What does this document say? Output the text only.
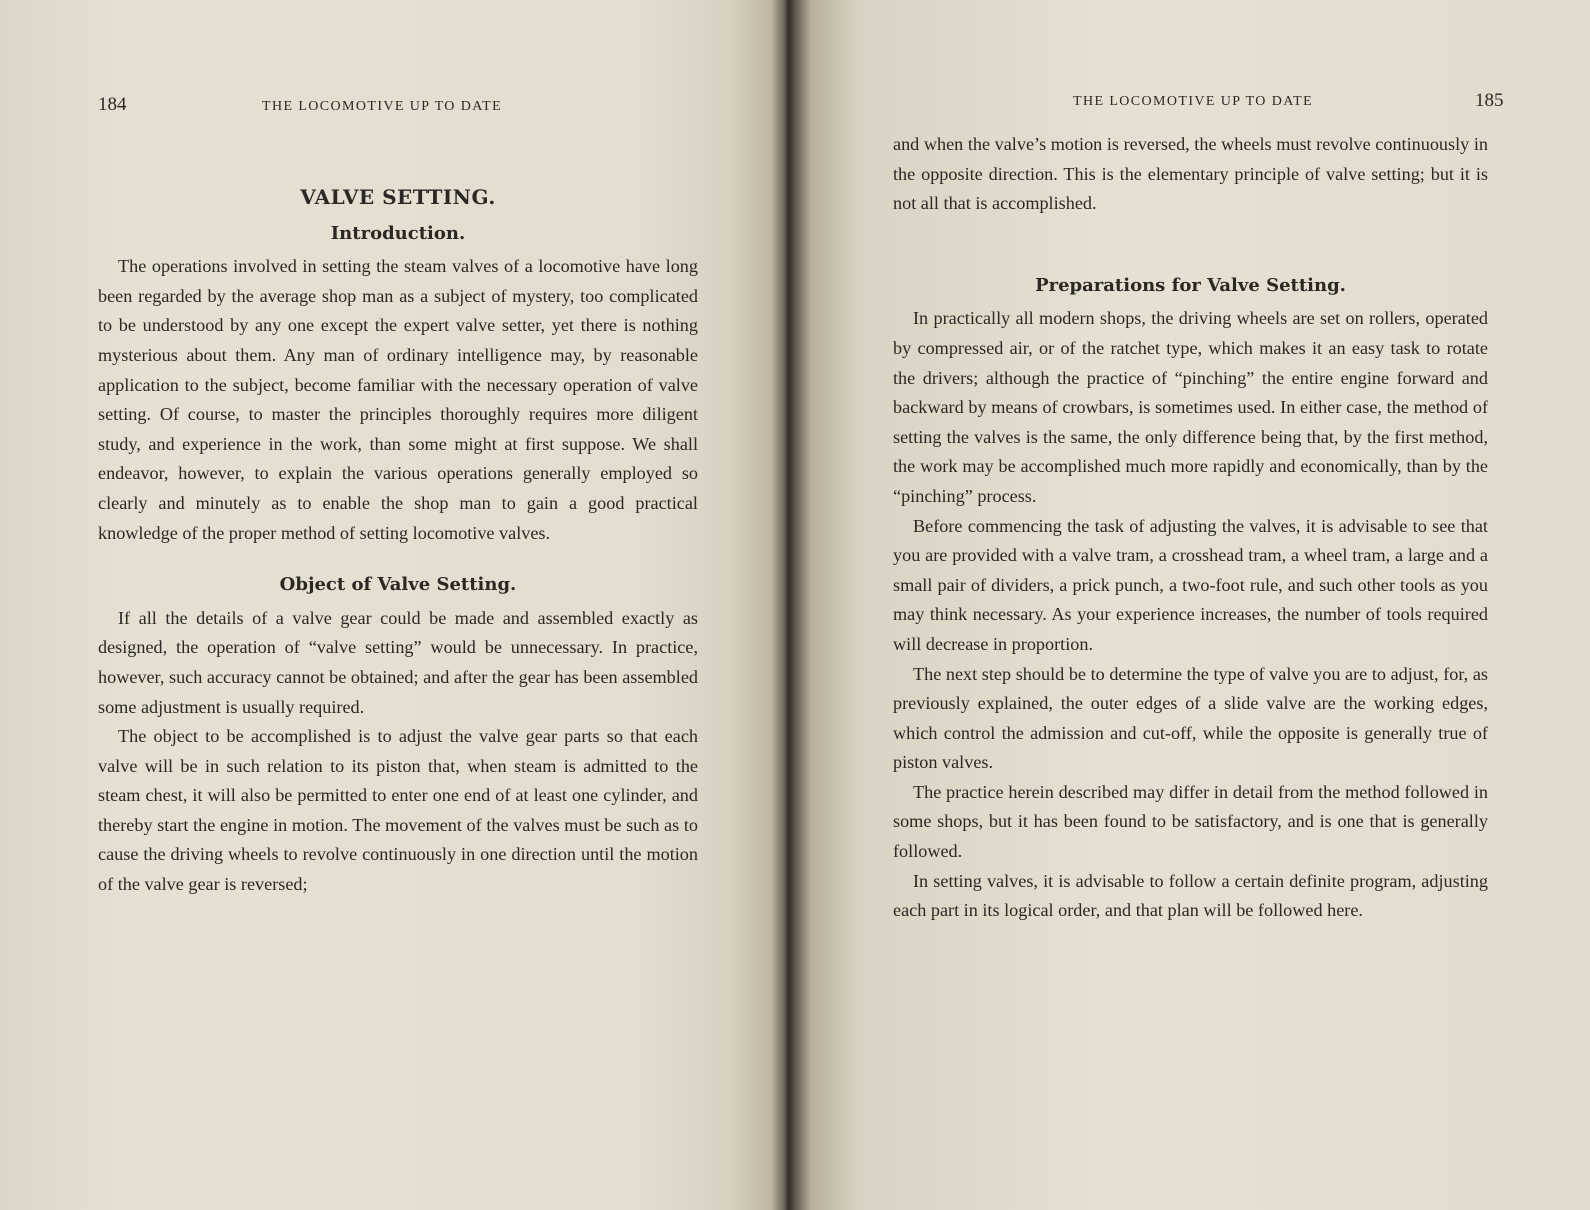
184	THE LOCOMOTIVE UP TO DATE

VALVE SETTING.

Introduction.

The operations involved in setting the steam valves of a locomotive have long been regarded by the average shop man as a subject of mystery, too complicated to be understood by any one except the expert valve setter, yet there is nothing mysterious about them. Any man of ordinary intelligence may, by reasonable application to the subject, become familiar with the necessary operation of valve setting. Of course, to master the principles thoroughly requires more diligent study, and experience in the work, than some might at first suppose. We shall endeavor, however, to explain the various operations generally employed so clearly and minutely as to enable the shop man to gain a good practical knowledge of the proper method of setting locomotive valves.

Object of Valve Setting.

If all the details of a valve gear could be made and assembled exactly as designed, the operation of “valve setting” would be unnecessary. In practice, however, such accuracy cannot be obtained; and after the gear has been assembled some adjustment is usually required.

The object to be accomplished is to adjust the valve gear parts so that each valve will be in such relation to its piston that, when steam is admitted to the steam chest, it will also be permitted to enter one end of at least one cylinder, and thereby start the engine in motion. The movement of the valves must be such as to cause the driving wheels to revolve continuously in one direction until the motion of the valve gear is reversed;

THE LOCOMOTIVE UP TO DATE	185

and when the valve’s motion is reversed, the wheels must revolve continuously in the opposite direction. This is the elementary principle of valve setting; but it is not all that is accomplished.

Preparations for Valve Setting.

In practically all modern shops, the driving wheels are set on rollers, operated by compressed air, or of the ratchet type, which makes it an easy task to rotate the drivers; although the practice of “pinching” the entire engine forward and backward by means of crowbars, is sometimes used. In either case, the method of setting the valves is the same, the only difference being that, by the first method, the work may be accomplished much more rapidly and economically, than by the “pinching” process.

Before commencing the task of adjusting the valves, it is advisable to see that you are provided with a valve tram, a crosshead tram, a wheel tram, a large and a small pair of dividers, a prick punch, a two-foot rule, and such other tools as you may think necessary. As your experience increases, the number of tools required will decrease in proportion.

The next step should be to determine the type of valve you are to adjust, for, as previously explained, the outer edges of a slide valve are the working edges, which control the admission and cut-off, while the opposite is generally true of piston valves.

The practice herein described may differ in detail from the method followed in some shops, but it has been found to be satisfactory, and is one that is generally followed.

In setting valves, it is advisable to follow a certain definite program, adjusting each part in its logical order, and that plan will be followed here.
